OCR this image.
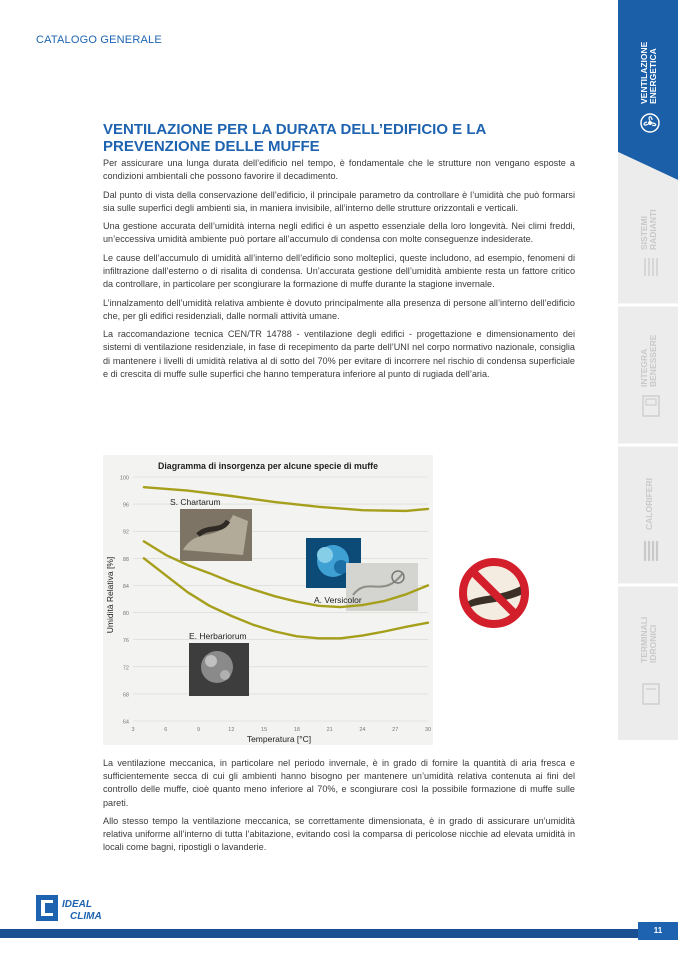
CATALOGO GENERALE
VENTILAZIONE PER LA DURATA DELL’EDIFICIO E LA PREVENZIONE DELLE MUFFE

Per assicurare una lunga durata dell’edificio nel tempo, è fondamentale che le strutture non vengano esposte a condizioni ambientali che possono favorire il decadimento.

Dal punto di vista della conservazione dell’edificio, il principale parametro da controllare è l’umidità che può formarsi sia sulle superfici degli ambienti sia, in maniera invisibile, all’interno delle strutture orizzontali e verticali.

Una gestione accurata dell’umidità interna negli edifici è un aspetto essenziale della loro longevità. Nei climi freddi, un’eccessiva umidità ambiente può portare all’accumulo di condensa con molte conseguenze indesiderate.

Le cause dell’accumulo di umidità all’interno dell’edificio sono molteplici, queste includono, ad esempio, fenomeni di infiltrazione dall’esterno o di risalita di condensa. Un’accurata gestione dell’umidità ambiente resta un fattore critico da controllare, in particolare per scongiurare la formazione di muffe durante la stagione invernale.

L’innalzamento dell’umidità relativa ambiente è dovuto principalmente alla presenza di persone all’interno dell’edificio che, per gli edifici residenziali, dalle normali attività umane.

La raccomandazione tecnica CEN/TR 14788 - ventilazione degli edifici - progettazione e dimensionamento dei sistemi di ventilazione residenziale, in fase di recepimento da parte dell’UNI nel corpo normativo nazionale, consiglia di mantenere i livelli di umidità relativa al di sotto del 70% per evitare di incorrere nel rischio di condensa superficiale e di crescita di muffe sulle superfici che hanno temperatura inferiore al punto di rugiada dell’aria.

Diagramma di insorgenza per alcune specie di muffe
100
96
92
88
84
80
76
72
68
64
3	6	9	12	15	18	21	24	27	30
Umidità Relativa [%]
Temperatura [°C]
S. Chartarum
A. Versicolor
E. Herbariorum

La ventilazione meccanica, in particolare nel periodo invernale, è in grado di fornire la quantità di aria fresca e sufficientemente secca di cui gli ambienti hanno bisogno per mantenere un’umidità relativa contenuta ai fini del controllo delle muffe, cioè quanto meno inferiore al 70%, e scongiurare così la possibile formazione di muffe sulle pareti.

Allo stesso tempo la ventilazione meccanica, se correttamente dimensionata, è in grado di assicurare un’umidità relativa uniforme all’interno di tutta l’abitazione, evitando così la comparsa di pericolose nicchie ad elevata umidità in locali come bagni, ripostigli o lavanderie.

VENTILAZIONE ENERGETICA
SISTEMI RADIANTI
INTEGRA BENESSERE
CALORIFERI
TERMINALI IDRONICI
IDEAL
CLIMA
11
